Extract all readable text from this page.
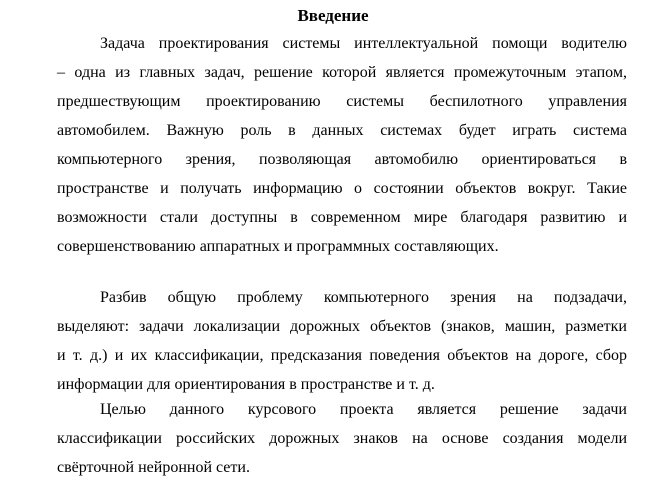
Введение
Задача проектирования системы интеллектуальной помощи водителю
– одна из главных задач, решение которой является промежуточным этапом,
предшествующим проектированию системы беспилотного управления
автомобилем. Важную роль в данных системах будет играть система
компьютерного зрения, позволяющая автомобилю ориентироваться в
пространстве и получать информацию о состоянии объектов вокруг. Такие
возможности стали доступны в современном мире благодаря развитию и
совершенствованию аппаратных и программных составляющих.
Разбив общую проблему компьютерного зрения на подзадачи,
выделяют: задачи локализации дорожных объектов (знаков, машин, разметки
и т. д.) и их классификации, предсказания поведения объектов на дороге, сбор
информации для ориентирования в пространстве и т. д.
Целью данного курсового проекта является решение задачи
классификации российских дорожных знаков на основе создания модели
свёрточной нейронной сети.
